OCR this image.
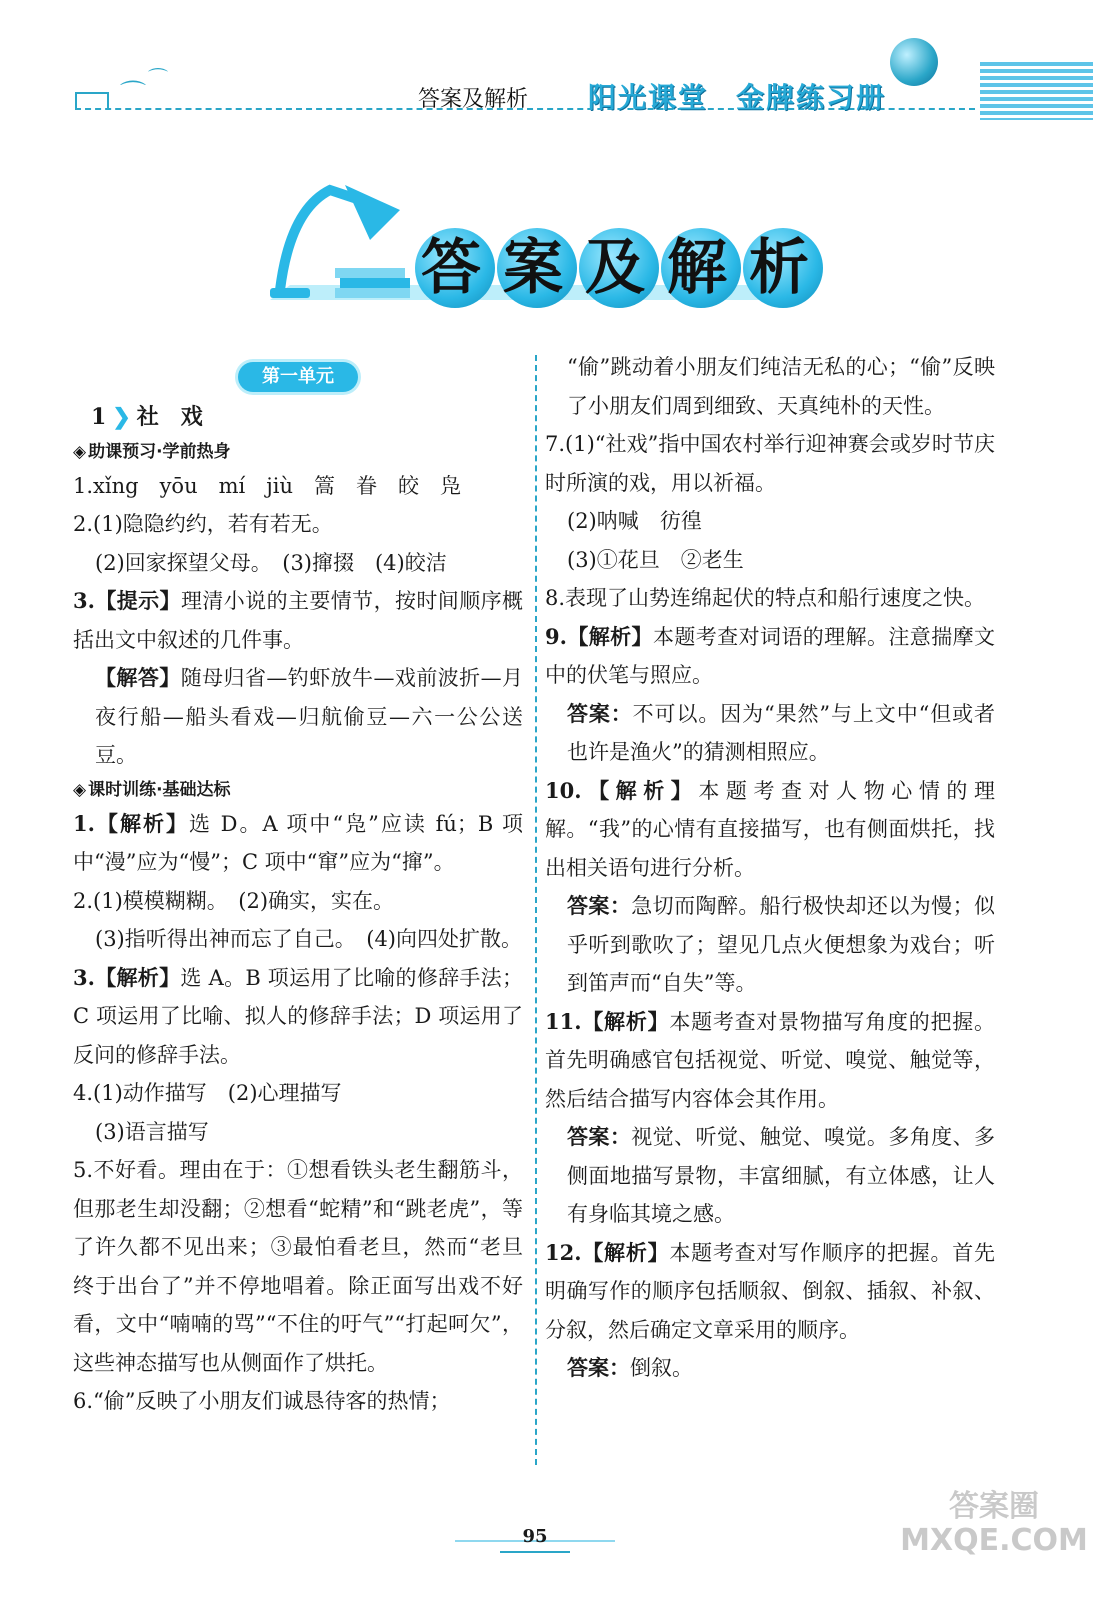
⌒
⌒
答案及解析 阳光课堂 金牌练习册
答 案 及 解 析
第一单元
1 ❯ 社　戏
◈ 助课预习·学前热身

1.xǐng　yōu　mí　jiù　篙　眷　皎　凫

2.(1)隐隐约约，若有若无。

(2)回家探望父母。　(3)撺掇　(4)皎洁

3.【提示】理清小说的主要情节，按时间顺序概括出文中叙述的几件事。

【解答】随母归省—钓虾放牛—戏前波折—月夜行船—船头看戏—归航偷豆—六一公公送豆。

◈ 课时训练·基础达标

1.【解析】选 D。A 项中“凫”应读 fú；B 项中“漫”应为“慢”；C 项中“窜”应为“撺”。

2.(1)模模糊糊。　(2)确实，实在。

(3)指听得出神而忘了自己。　(4)向四处扩散。

3.【解析】选 A。B 项运用了比喻的修辞手法；C 项运用了比喻、拟人的修辞手法；D 项运用了反问的修辞手法。

4.(1)动作描写　(2)心理描写

(3)语言描写

5.不好看。理由在于：①想看铁头老生翻筋斗，但那老生却没翻；②想看“蛇精”和“跳老虎”，等了许久都不见出来；③最怕看老旦，然而“老旦终于出台了”并不停地唱着。除正面写出戏不好看，文中“喃喃的骂”“不住的吁气”“打起呵欠”，这些神态描写也从侧面作了烘托。

6.“偷”反映了小朋友们诚恳待客的热情；

“偷”跳动着小朋友们纯洁无私的心；“偷”反映了小朋友们周到细致、天真纯朴的天性。

7.(1)“社戏”指中国农村举行迎神赛会或岁时节庆时所演的戏，用以祈福。

(2)呐喊　彷徨

(3)①花旦　②老生

8.表现了山势连绵起伏的特点和船行速度之快。

9.【解析】本题考查对词语的理解。注意揣摩文中的伏笔与照应。

答案：不可以。因为“果然”与上文中“但或者也许是渔火”的猜测相照应。

10.【解析】本题考查对人物心情的理解。“我”的心情有直接描写，也有侧面烘托，找出相关语句进行分析。

答案：急切而陶醉。船行极快却还以为慢；似乎听到歌吹了；望见几点火便想象为戏台；听到笛声而“自失”等。

11.【解析】本题考查对景物描写角度的把握。首先明确感官包括视觉、听觉、嗅觉、触觉等，然后结合描写内容体会其作用。

答案：视觉、听觉、触觉、嗅觉。多角度、多侧面地描写景物，丰富细腻，有立体感，让人有身临其境之感。

12.【解析】本题考查对写作顺序的把握。首先明确写作的顺序包括顺叙、倒叙、插叙、补叙、分叙，然后确定文章采用的顺序。

答案：倒叙。

95
答案圈 MXQE.COM
